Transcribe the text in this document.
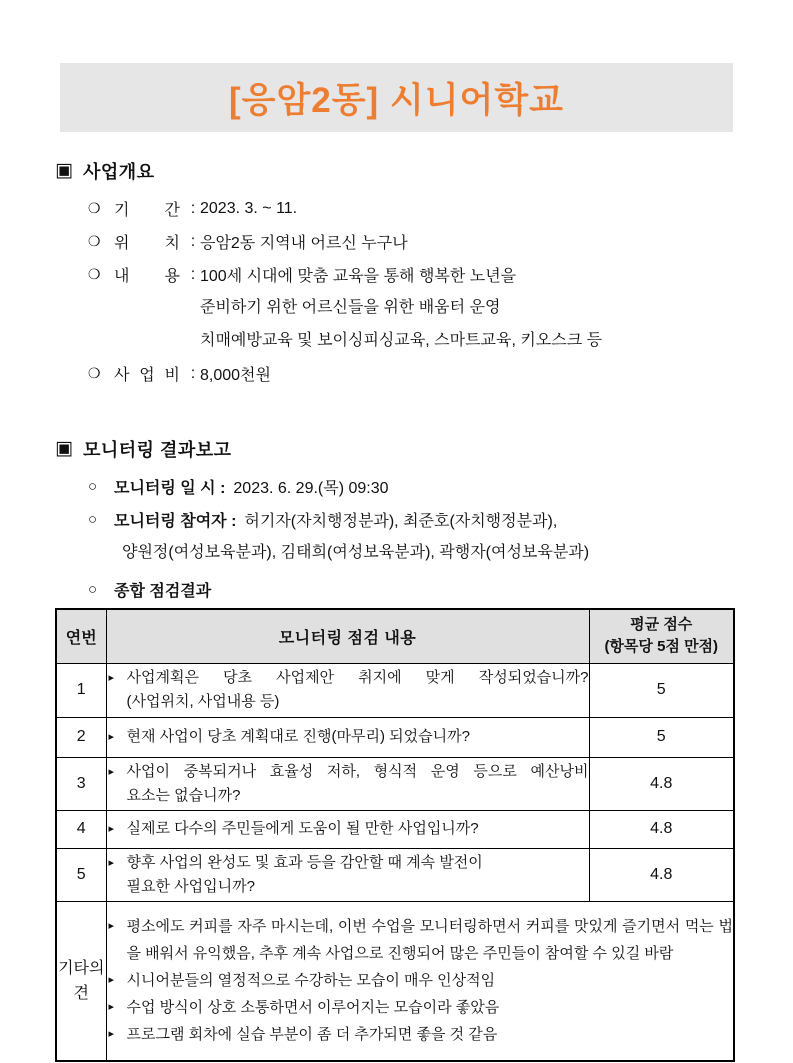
[응암2동] 시니어학교
▣ 사업개요
❍ 기 간 : 2023. 3. ~ 11.
❍ 위 치 : 응암2동 지역내 어르신 누구나
❍ 내 용 : 100세 시대에 맞춤 교육을 통해 행복한 노년을
준비하기 위한 어르신들을 위한 배움터 운영
치매예방교육 및 보이싱피싱교육, 스마트교육, 키오스크 등
❍ 사 업 비 : 8,000천원
▣ 모니터링 결과보고
○	모니터링 일 시 : 2023. 6. 29.(목) 09:30
○	모니터링 참여자 : 허기자(자치행정분과), 최준호(자치행정분과),
양원정(여성보육분과), 김태희(여성보육분과), 곽행자(여성보육분과)
○	종합 점검결과
연번	모니터링 점검 내용	평균 점수
(항목당 5점 만점)

1	▸ 사업계획은 당초 사업제안 취지에 맞게 작성되었습니까?
(사업위치, 사업내용 등)	5
2	▸ 현재 사업이 당초 계획대로 진행(마무리) 되었습니까?	5
3	▸ 사업이 중복되거나 효율성 저하, 형식적 운영 등으로 예산낭비
요소는 없습니까?	4.8
4	▸ 실제로 다수의 주민들에게 도움이 될 만한 사업입니까?	4.8
5	▸ 향후 사업의 완성도 및 효과 등을 감안할 때 계속 발전이
필요한 사업입니까?	4.8
기타의견	
▸ 평소에도 커피를 자주 마시는데, 이번 수업을 모니터링하면서 커피를 맛있게 즐기면서 먹는 법을 배워서 유익했음, 추후 계속 사업으로 진행되어 많은 주민들이 참여할 수 있길 바람
▸ 시니어분들의 열정적으로 수강하는 모습이 매우 인상적임
▸ 수업 방식이 상호 소통하면서 이루어지는 모습이라 좋았음
▸ 프로그램 회차에 실습 부분이 좀 더 추가되면 좋을 것 같음
